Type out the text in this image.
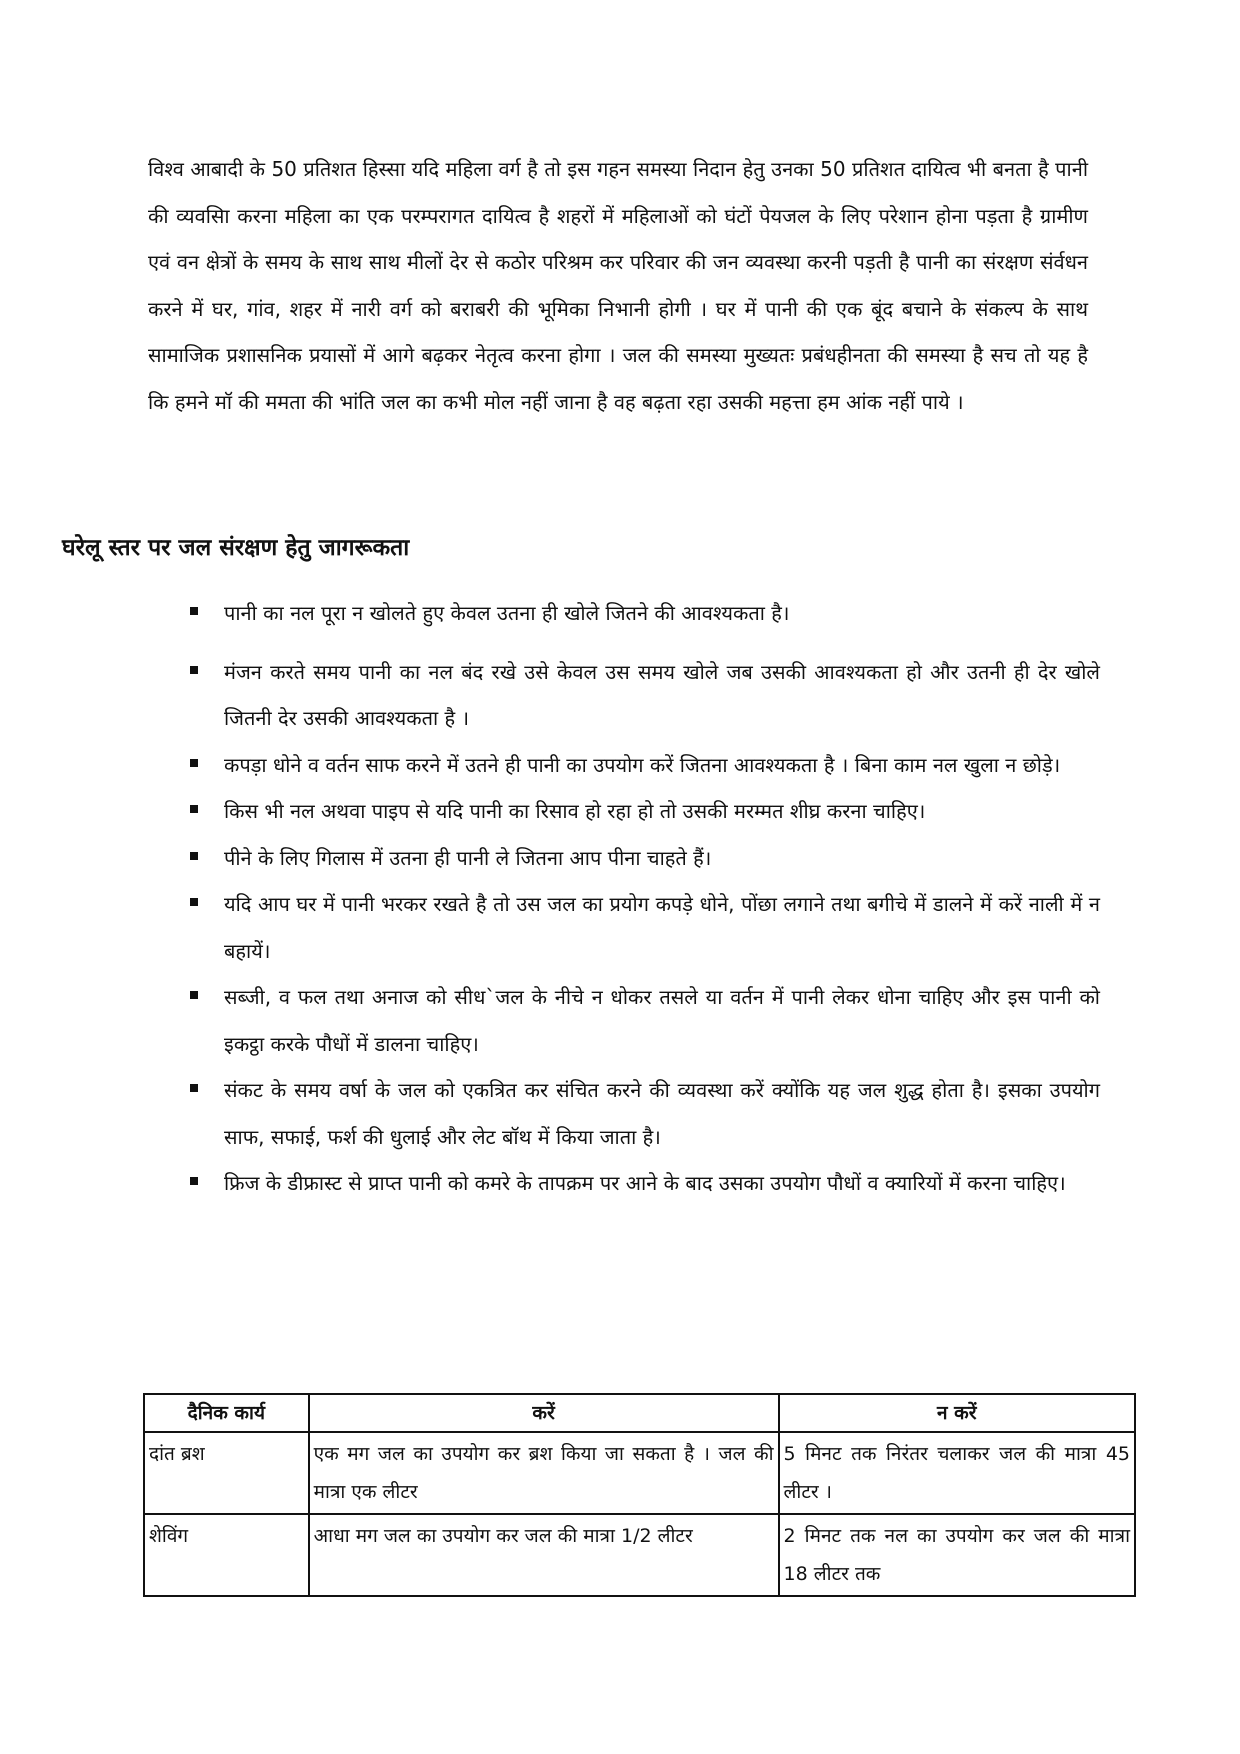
विश्व आबादी के 50 प्रतिशत हिस्सा यदि महिला वर्ग है तो इस गहन समस्या निदान हेतु उनका 50 प्रतिशत दायित्व भी बनता है पानी की व्यवसाि करना महिला का एक परम्परागत दायित्व है शहरों में महिलाओं को घंटों पेयजल के लिए परेशान होना पड़ता है ग्रामीण एवं वन क्षेत्रों के समय के साथ साथ मीलों देर से कठोर परिश्रम कर परिवार की जन व्यवस्था करनी पड़ती है पानी का संरक्षण संर्वधन करने में घर, गांव, शहर में नारी वर्ग को बराबरी की भूमिका निभानी होगी । घर में पानी की एक बूंद बचाने के संकल्प के साथ सामाजिक प्रशासनिक प्रयासों में आगे बढ़कर नेतृत्व करना होगा । जल की समस्या मुख्यतः प्रबंधहीनता की समस्या है सच तो यह है कि हमने मॉ की ममता की भांति जल का कभी मोल नहीं जाना है वह बढ़ता रहा उसकी महत्ता हम आंक नहीं पाये ।

घरेलू स्तर पर जल संरक्षण हेतु जागरूकता
पानी का नल पूरा न खोलते हुए केवल उतना ही खोले जितने की आवश्यकता है।
मंजन करते समय पानी का नल बंद रखे उसे केवल उस समय खोले जब उसकी आवश्यकता हो और उतनी ही देर खोले जितनी देर उसकी आवश्यकता है ।
कपड़ा धोने व वर्तन साफ करने में उतने ही पानी का उपयोग करें जितना आवश्यकता है । बिना काम नल खुला न छोड़े।
किस भी नल अथवा पाइप से यदि पानी का रिसाव हो रहा हो तो उसकी मरम्मत शीघ्र करना चाहिए।
पीने के लिए गिलास में उतना ही पानी ले जितना आप पीना चाहते हैं।
यदि आप घर में पानी भरकर रखते है तो उस जल का प्रयोग कपड़े धोने, पोंछा लगाने तथा बगीचे में डालने में करें नाली में न बहायें।
सब्जी, व फल तथा अनाज को सीध`जल के नीचे न धोकर तसले या वर्तन में पानी लेकर धोना चाहिए और इस पानी को इकट्ठा करके पौधों में डालना चाहिए।
संकट के समय वर्षा के जल को एकत्रित कर संचित करने की व्यवस्था करें क्योंकि यह जल शुद्ध होता है। इसका उपयोग साफ, सफाई, फर्श की धुलाई और लेट बॉथ में किया जाता है।
फ्रिज के डीफ्रास्ट से प्राप्त पानी को कमरे के तापक्रम पर आने के बाद उसका उपयोग पौधों व क्यारियों में करना चाहिए।
दैनिक कार्य	करें	न करें
दांत ब्रश	एक मग जल का उपयोग कर ब्रश किया जा सकता है । जल की मात्रा एक लीटर	5 मिनट तक निरंतर चलाकर जल की मात्रा 45 लीटर ।
शेविंग	आधा मग जल का उपयोग कर जल की मात्रा 1/2 लीटर	2 मिनट तक नल का उपयोग कर जल की मात्रा 18 लीटर तक
